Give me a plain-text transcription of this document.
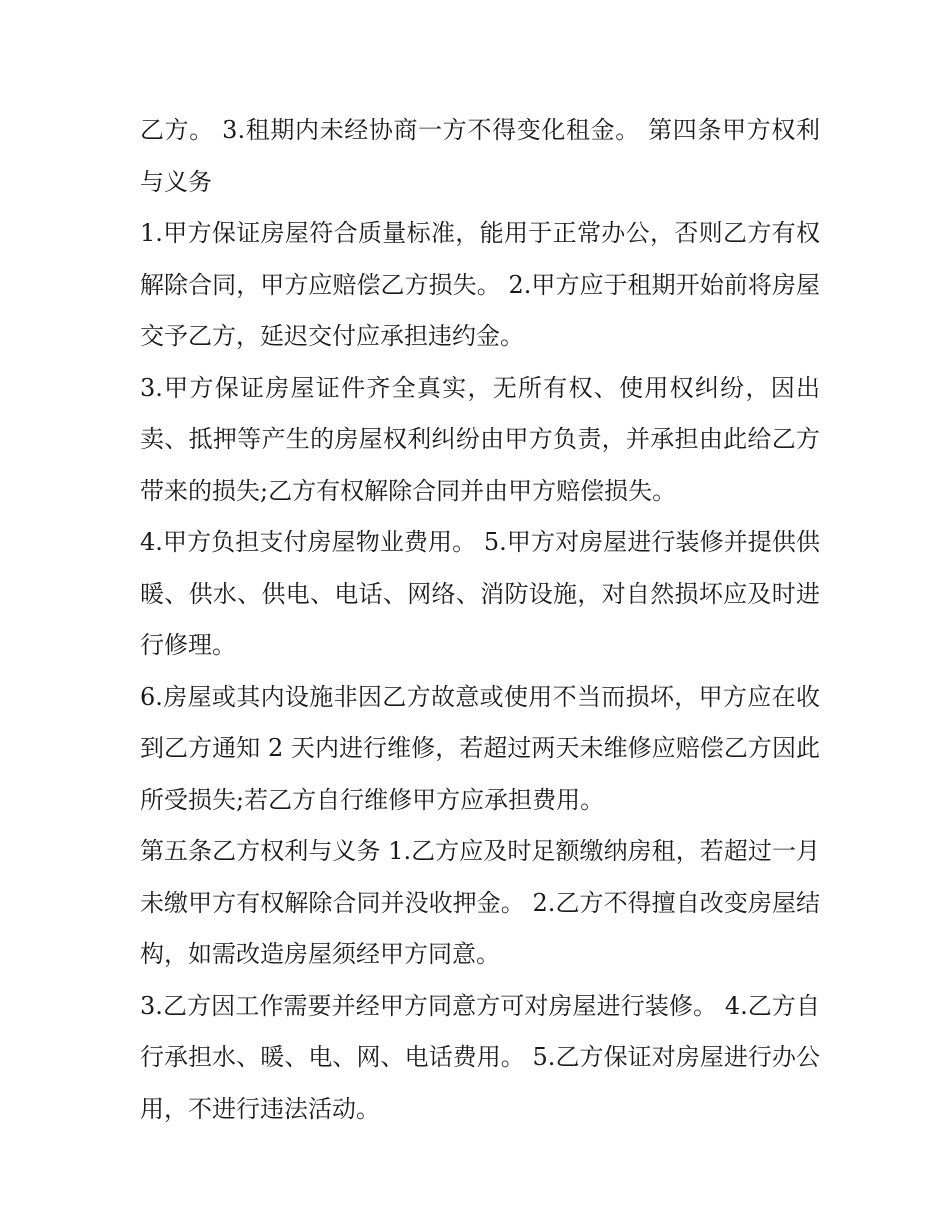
乙方。 3.租期内未经协商一方不得变化租金。 第四条甲方权利与义务

1.甲方保证房屋符合质量标准，能用于正常办公，否则乙方有权解除合同，甲方应赔偿乙方损失。 2.甲方应于租期开始前将房屋交予乙方，延迟交付应承担违约金。

3.甲方保证房屋证件齐全真实，无所有权、使用权纠纷，因出卖、抵押等产生的房屋权利纠纷由甲方负责，并承担由此给乙方带来的损失;乙方有权解除合同并由甲方赔偿损失。

4.甲方负担支付房屋物业费用。 5.甲方对房屋进行装修并提供供暖、供水、供电、电话、网络、消防设施，对自然损坏应及时进行修理。

6.房屋或其内设施非因乙方故意或使用不当而损坏，甲方应在收到乙方通知 2 天内进行维修，若超过两天未维修应赔偿乙方因此所受损失;若乙方自行维修甲方应承担费用。

第五条乙方权利与义务 1.乙方应及时足额缴纳房租，若超过一月未缴甲方有权解除合同并没收押金。 2.乙方不得擅自改变房屋结构，如需改造房屋须经甲方同意。

3.乙方因工作需要并经甲方同意方可对房屋进行装修。 4.乙方自行承担水、暖、电、网、电话费用。 5.乙方保证对房屋进行办公用，不进行违法活动。
